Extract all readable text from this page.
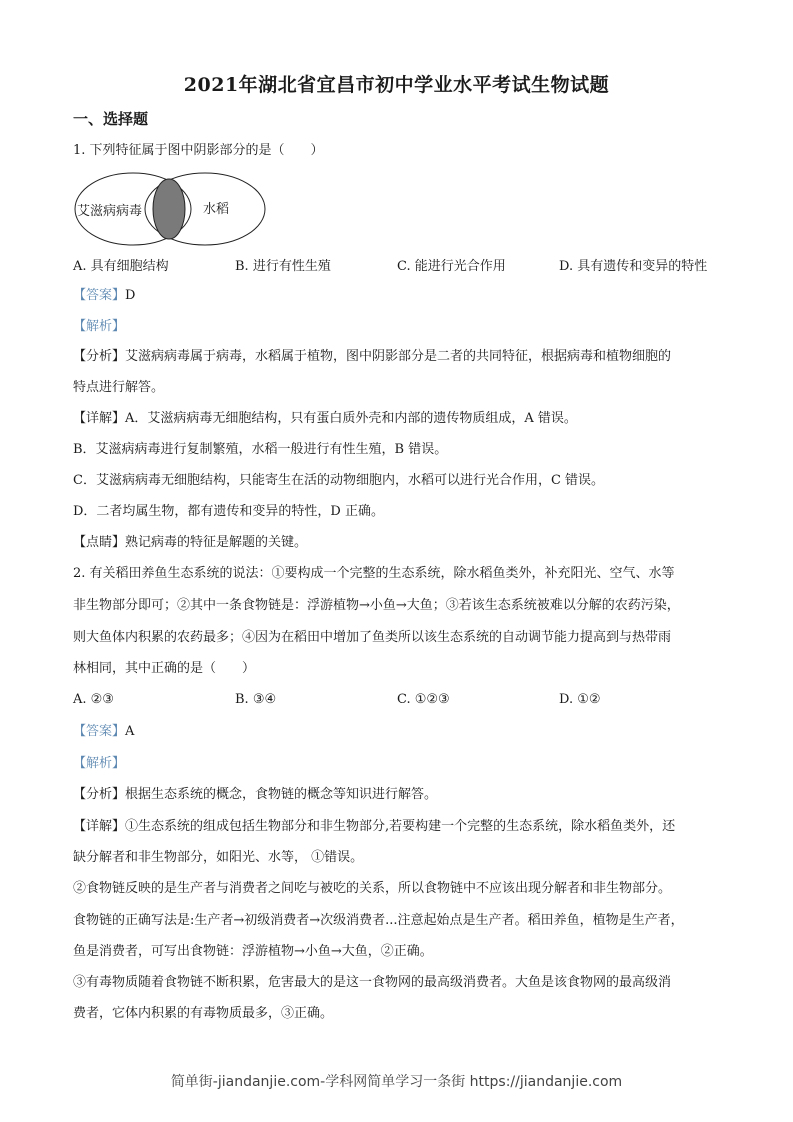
2021年湖北省宜昌市初中学业水平考试生物试题
一、选择题
1. 下列特征属于图中阴影部分的是（　　）
艾滋病病毒	水稻
A. 具有细胞结构	B. 进行有性生殖	C. 能进行光合作用	D. 具有遗传和变异的特性
【答案】D
【解析】
【分析】艾滋病病毒属于病毒，水稻属于植物，图中阴影部分是二者的共同特征，根据病毒和植物细胞的
特点进行解答。
【详解】A．艾滋病病毒无细胞结构，只有蛋白质外壳和内部的遗传物质组成，A 错误。
B．艾滋病病毒进行复制繁殖，水稻一般进行有性生殖，B 错误。
C．艾滋病病毒无细胞结构，只能寄生在活的动物细胞内，水稻可以进行光合作用，C 错误。
D．二者均属生物，都有遗传和变异的特性，D 正确。
【点睛】熟记病毒的特征是解题的关键。
2. 有关稻田养鱼生态系统的说法：①要构成一个完整的生态系统，除水稻鱼类外，补充阳光、空气、水等
非生物部分即可；②其中一条食物链是：浮游植物→小鱼→大鱼；③若该生态系统被难以分解的农药污染，
则大鱼体内积累的农药最多；④因为在稻田中增加了鱼类所以该生态系统的自动调节能力提高到与热带雨
林相同，其中正确的是（　　）
A. ②③	B. ③④	C. ①②③	D. ①②
【答案】A
【解析】
【分析】根据生态系统的概念，食物链的概念等知识进行解答。
【详解】①生态系统的组成包括生物部分和非生物部分,若要构建一个完整的生态系统，除水稻鱼类外，还
缺分解者和非生物部分，如阳光、水等， ①错误。
②食物链反映的是生产者与消费者之间吃与被吃的关系，所以食物链中不应该出现分解者和非生物部分。
食物链的正确写法是:生产者→初级消费者→次级消费者...注意起始点是生产者。稻田养鱼，植物是生产者，
鱼是消费者，可写出食物链：浮游植物→小鱼→大鱼，②正确。
③有毒物质随着食物链不断积累，危害最大的是这一食物网的最高级消费者。大鱼是该食物网的最高级消
费者，它体内积累的有毒物质最多，③正确。
简单街-jiandanjie.com-学科网简单学习一条街 https://jiandanjie.com
